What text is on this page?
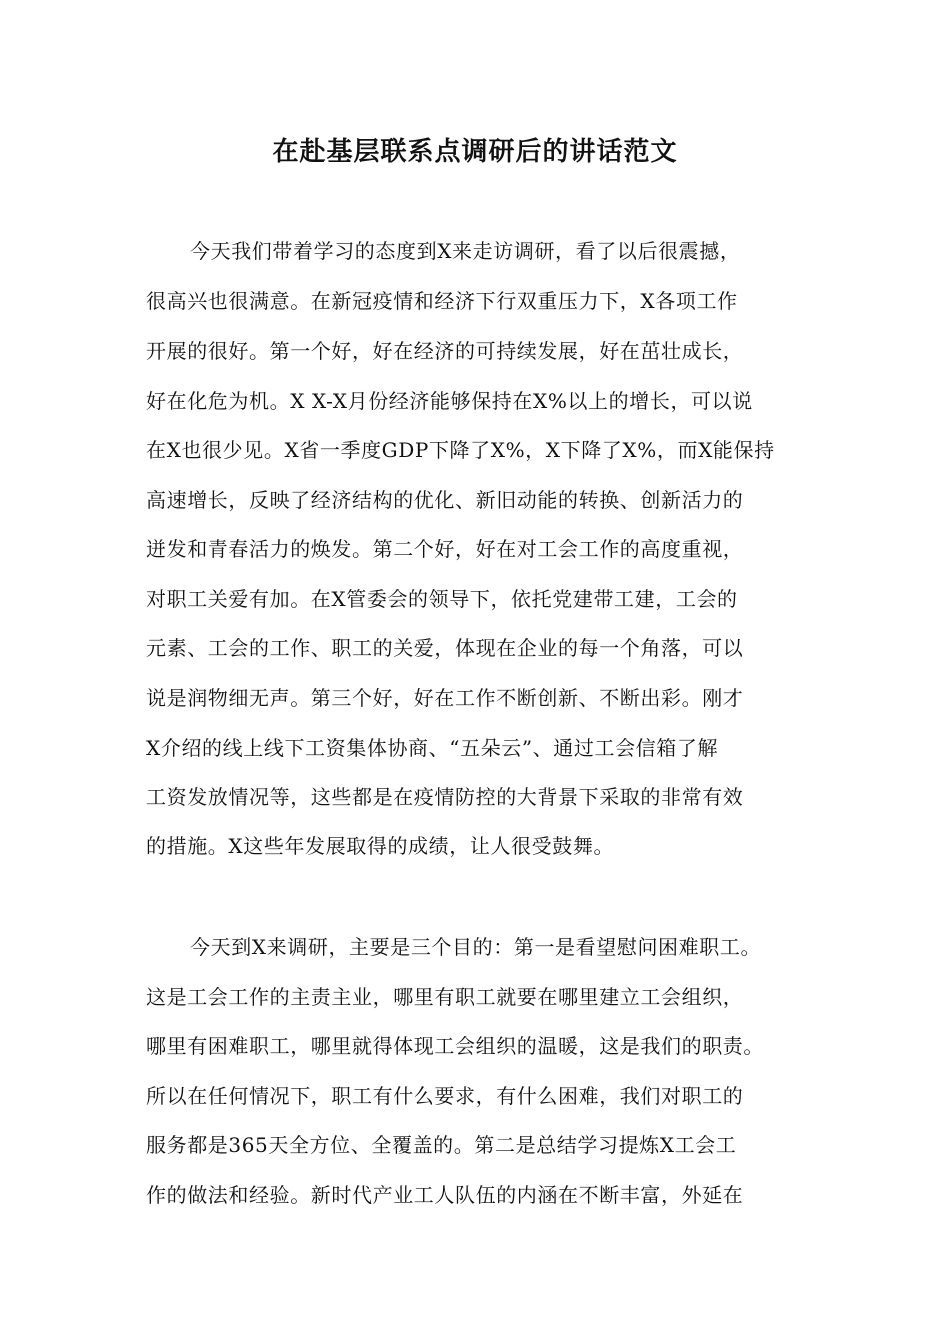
在赴基层联系点调研后的讲话范文
今天我们带着学习的态度到X来走访调研，看了以后很震撼，
很高兴也很满意。在新冠疫情和经济下行双重压力下，X各项工作
开展的很好。第一个好，好在经济的可持续发展，好在茁壮成长，
好在化危为机。X X-X月份经济能够保持在X%以上的增长，可以说
在X也很少见。X省一季度GDP下降了X%，X下降了X%，而X能保持
高速增长，反映了经济结构的优化、新旧动能的转换、创新活力的
迸发和青春活力的焕发。第二个好，好在对工会工作的高度重视，
对职工关爱有加。在X管委会的领导下，依托党建带工建，工会的
元素、工会的工作、职工的关爱，体现在企业的每一个角落，可以
说是润物细无声。第三个好，好在工作不断创新、不断出彩。刚才
X介绍的线上线下工资集体协商、“五朵云”、通过工会信箱了解
工资发放情况等，这些都是在疫情防控的大背景下采取的非常有效
的措施。X这些年发展取得的成绩，让人很受鼓舞。
今天到X来调研，主要是三个目的：第一是看望慰问困难职工。
这是工会工作的主责主业，哪里有职工就要在哪里建立工会组织，
哪里有困难职工，哪里就得体现工会组织的温暖，这是我们的职责。
所以在任何情况下，职工有什么要求，有什么困难，我们对职工的
服务都是365天全方位、全覆盖的。第二是总结学习提炼X工会工
作的做法和经验。新时代产业工人队伍的内涵在不断丰富，外延在
